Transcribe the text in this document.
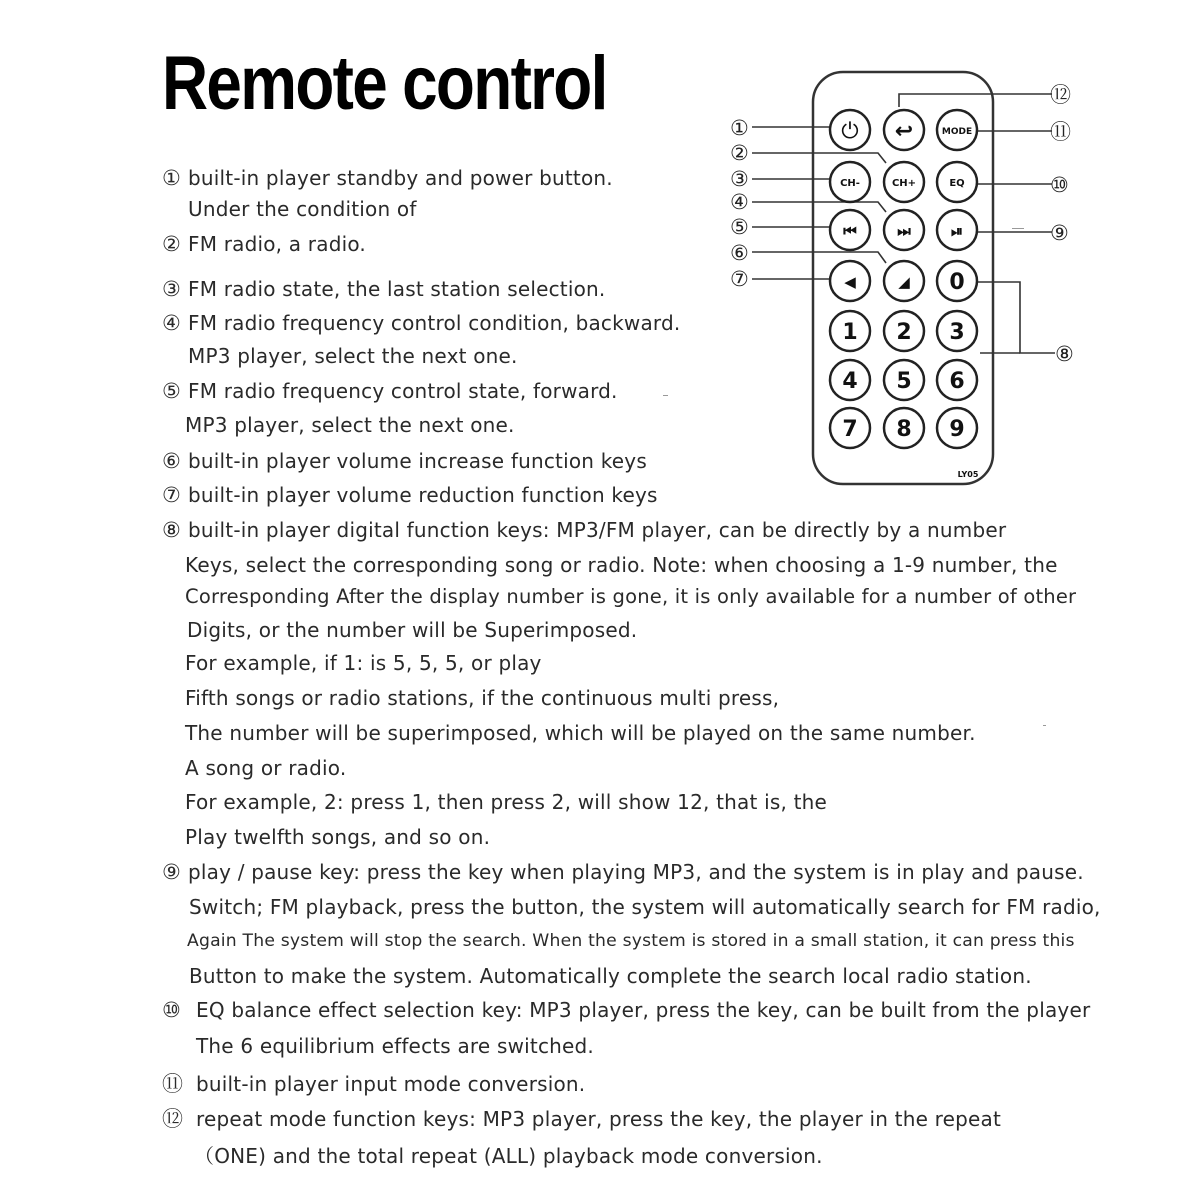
Remote control
①
②
③
④
⑤
⑥
⑦
⑫
⑪
⑩
⑨
⑧
⏻ ↩	MODE
CH-	CH+	EQ
⏮	⏭	⏯
◀	◢ 0
1 2 3
4 5 6
7 8 9
LY05
① built-in player standby and power button.
Under the condition of
② FM radio, a radio.
③ FM radio state, the last station selection.
④ FM radio frequency control condition, backward.
MP3 player, select the next one.
⑤ FM radio frequency control state, forward.
MP3 player, select the next one.
⑥ built-in player volume increase function keys
⑦ built-in player volume reduction function keys
⑧ built-in player digital function keys: MP3/FM player, can be directly by a number
Keys, select the corresponding song or radio. Note: when choosing a 1-9 number, the
Corresponding After the display number is gone, it is only available for a number of other
Digits, or the number will be Superimposed.
For example, if 1: is 5, 5, 5, or play
Fifth songs or radio stations, if the continuous multi press,
The number will be superimposed, which will be played on the same number.
A song or radio.
For example, 2: press 1, then press 2, will show 12, that is, the
Play twelfth songs, and so on.
⑨ play / pause key: press the key when playing MP3, and the system is in play and pause.
Switch; FM playback, press the button, the system will automatically search for FM radio,
Again The system will stop the search. When the system is stored in a small station, it can press this
Button to make the system. Automatically complete the search local radio station.
⑩ EQ balance effect selection key: MP3 player, press the key, can be built from the player
The 6 equilibrium effects are switched.
⑪ built-in player input mode conversion.
⑫ repeat mode function keys: MP3 player, press the key, the player in the repeat
（ONE) and the total repeat (ALL) playback mode conversion.
